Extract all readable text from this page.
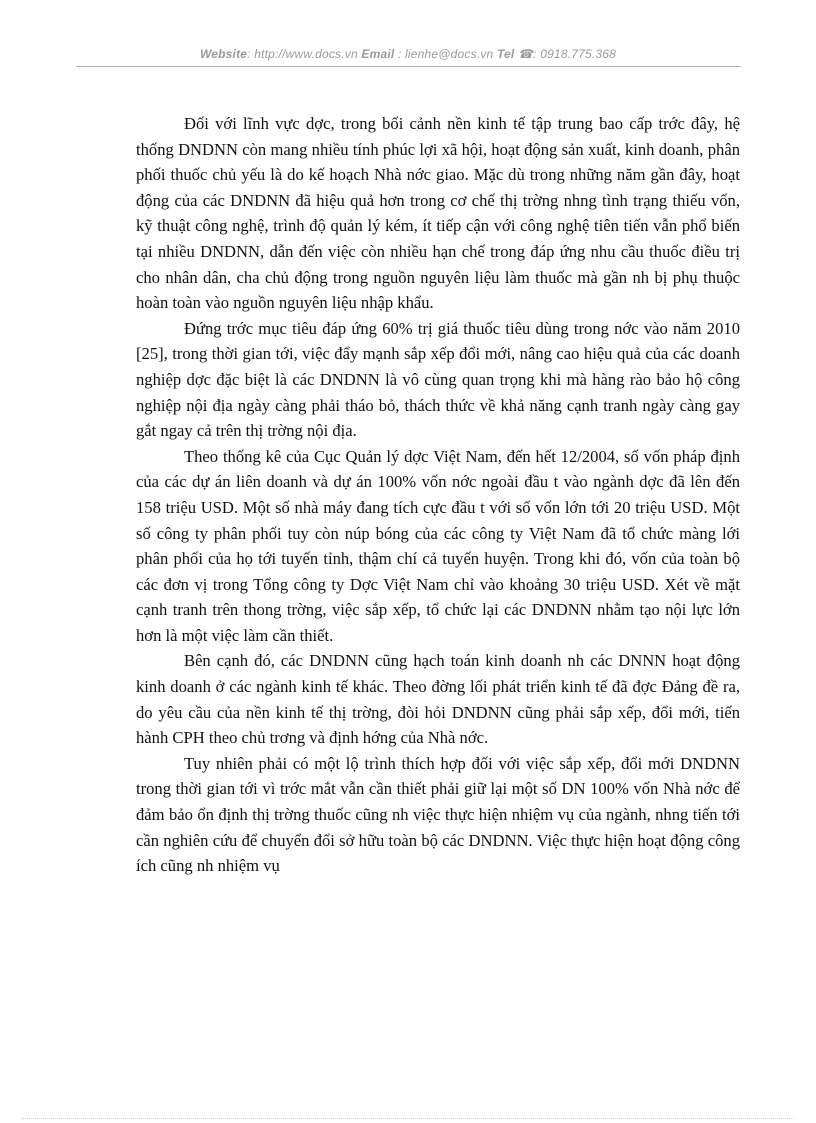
Website: http://www.docs.vn Email : lienhe@docs.vn Tel ☎: 0918.775.368

Đối với lĩnh vực dợc, trong bối cảnh nền kinh tế tập trung bao cấp trớc đây, hệ thống DNDNN còn mang nhiều tính phúc lợi xã hội, hoạt động sản xuất, kinh doanh, phân phối thuốc chủ yếu là do kế hoạch Nhà nớc giao. Mặc dù trong những năm gần đây, hoạt động của các DNDNN đã hiệu quả hơn trong cơ chế thị trờng nhng tình trạng thiếu vốn, kỹ thuật công nghệ, trình độ quản lý kém, ít tiếp cận với công nghệ tiên tiến vẫn phổ biến tại nhiều DNDNN, dẫn đến việc còn nhiều hạn chế trong đáp ứng nhu cầu thuốc điều trị cho nhân dân, cha chủ động trong nguồn nguyên liệu làm thuốc mà gần nh bị phụ thuộc hoàn toàn vào nguồn nguyên liệu nhập khẩu.

Đứng trớc mục tiêu đáp ứng 60% trị giá thuốc tiêu dùng trong nớc vào năm 2010 [25], trong thời gian tới, việc đẩy mạnh sắp xếp đổi mới, nâng cao hiệu quả của các doanh nghiệp dợc đặc biệt là các DNDNN là vô cùng quan trọng khi mà hàng rào bảo hộ công nghiệp nội địa ngày càng phải tháo bỏ, thách thức về khả năng cạnh tranh ngày càng gay gắt ngay cả trên thị trờng nội địa.

Theo thống kê của Cục Quản lý dợc Việt Nam, đến hết 12/2004, số vốn pháp định của các dự án liên doanh và dự án 100% vốn nớc ngoài đầu t vào ngành dợc đã lên đến 158 triệu USD. Một số nhà máy đang tích cực đầu t với số vốn lớn tới 20 triệu USD. Một số công ty phân phối tuy còn núp bóng của các công ty Việt Nam đã tổ chức màng lới phân phối của họ tới tuyến tỉnh, thậm chí cả tuyến huyện. Trong khi đó, vốn của toàn bộ các đơn vị trong Tổng công ty Dợc Việt Nam chỉ vào khoảng 30 triệu USD. Xét về mặt cạnh tranh trên thong trờng, việc sắp xếp, tổ chức lại các DNDNN nhằm tạo nội lực lớn hơn là một việc làm cần thiết.

Bên cạnh đó, các DNDNN cũng hạch toán kinh doanh nh các DNNN hoạt động kinh doanh ở các ngành kinh tế khác. Theo đờng lối phát triển kinh tế đã đợc Đảng đề ra, do yêu cầu của nền kinh tế thị trờng, đòi hỏi DNDNN cũng phải sắp xếp, đổi mới, tiến hành CPH theo chủ trơng và định hớng của Nhà nớc.

Tuy nhiên phải có một lộ trình thích hợp đối với việc sắp xếp, đổi mới DNDNN trong thời gian tới vì trớc mắt vẫn cần thiết phải giữ lại một số DN 100% vốn Nhà nớc để đảm bảo ổn định thị trờng thuốc cũng nh việc thực hiện nhiệm vụ của ngành, nhng tiến tới cần nghiên cứu để chuyển đổi sở hữu toàn bộ các DNDNN. Việc thực hiện hoạt động công ích cũng nh nhiệm vụ
